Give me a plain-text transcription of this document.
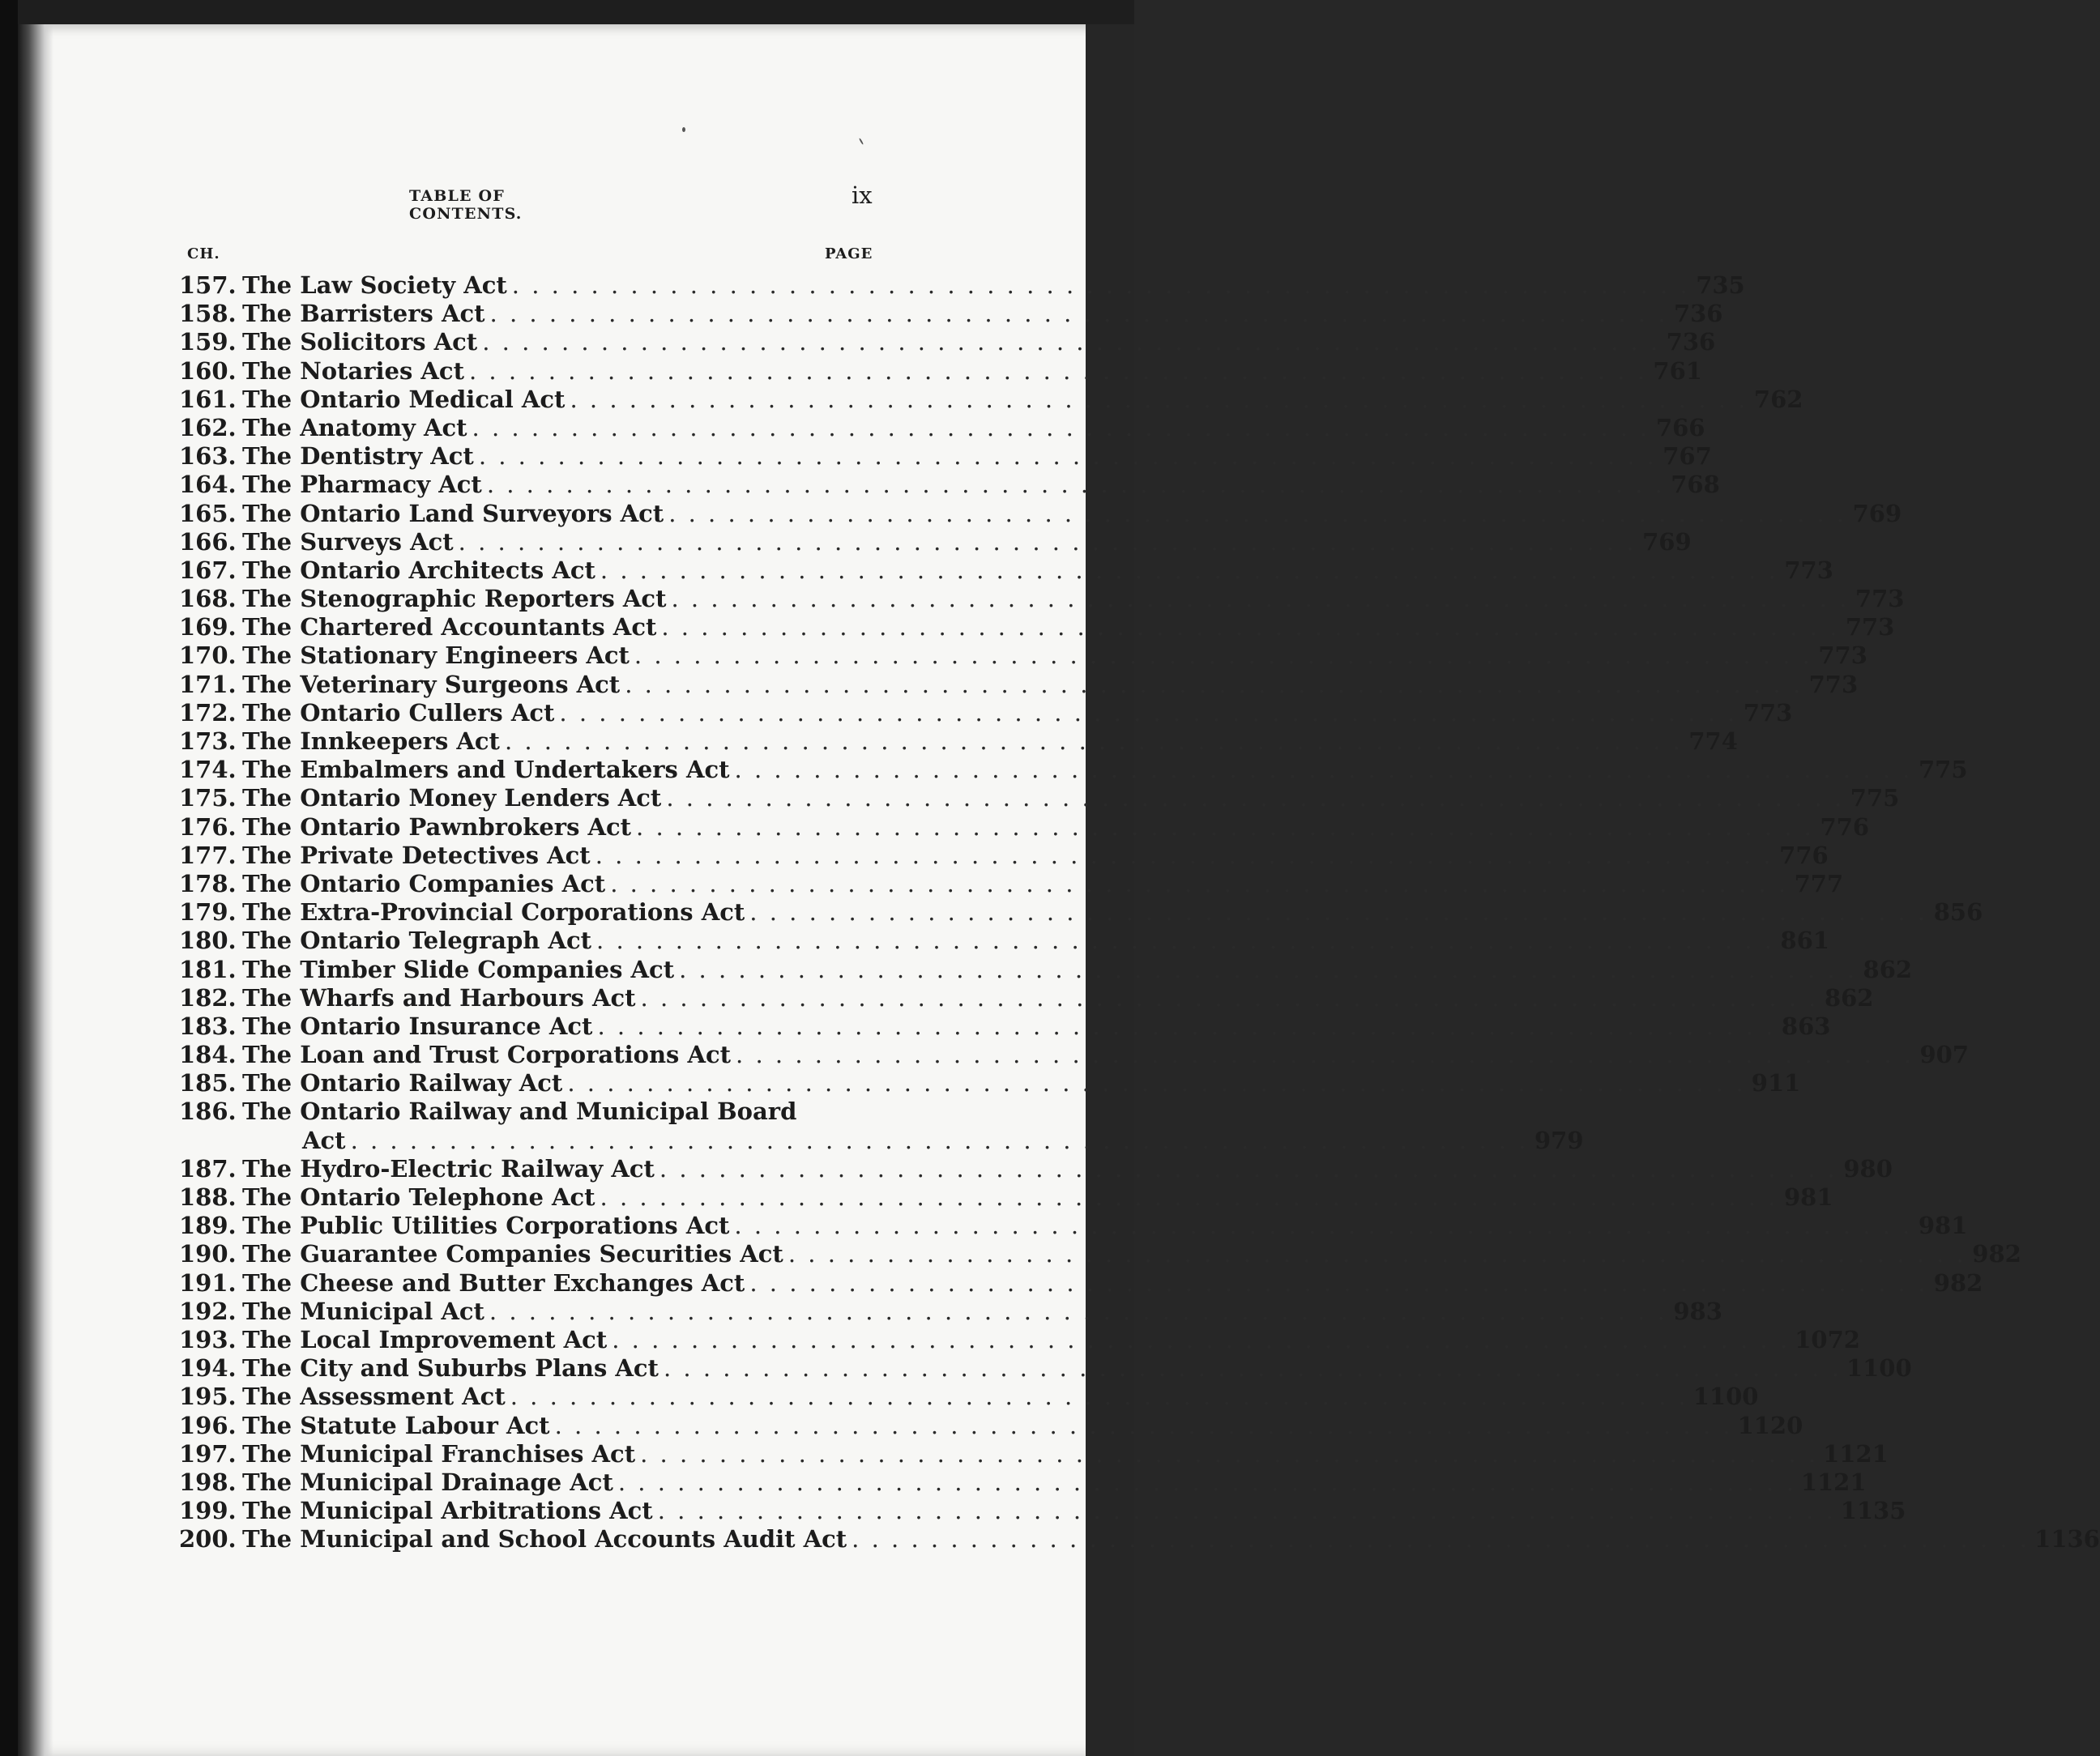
TABLE OF CONTENTS.
ix
CH.	PAGE
157. The Law Society Act . . . . . . . . . . . . . . . . . . . . . . . . . . . . . . . . . . . . . . . . . . . . . . . . . . . . . . . . . . . . 735
158. The Barristers Act . . . . . . . . . . . . . . . . . . . . . . . . . . . . . . . . . . . . . . . . . . . . . . . . . . . . . . . . . . . . 736
159. The Solicitors Act . . . . . . . . . . . . . . . . . . . . . . . . . . . . . . . . . . . . . . . . . . . . . . . . . . . . . . . . . . . . 736
160. The Notaries Act . . . . . . . . . . . . . . . . . . . . . . . . . . . . . . . . . . . . . . . . . . . . . . . . . . . . . . . . . . . . 761
161. The Ontario Medical Act . . . . . . . . . . . . . . . . . . . . . . . . . . . . . . . . . . . . . . . . . . . . . . . . . . . . . . . . . . . . 762
162. The Anatomy Act . . . . . . . . . . . . . . . . . . . . . . . . . . . . . . . . . . . . . . . . . . . . . . . . . . . . . . . . . . . . 766
163. The Dentistry Act . . . . . . . . . . . . . . . . . . . . . . . . . . . . . . . . . . . . . . . . . . . . . . . . . . . . . . . . . . . . 767
164. The Pharmacy Act . . . . . . . . . . . . . . . . . . . . . . . . . . . . . . . . . . . . . . . . . . . . . . . . . . . . . . . . . . . . 768
165. The Ontario Land Surveyors Act . . . . . . . . . . . . . . . . . . . . . . . . . . . . . . . . . . . . . . . . . . . . . . . . . . . . . . . . . . . . 769
166. The Surveys Act . . . . . . . . . . . . . . . . . . . . . . . . . . . . . . . . . . . . . . . . . . . . . . . . . . . . . . . . . . . . 769
167. The Ontario Architects Act . . . . . . . . . . . . . . . . . . . . . . . . . . . . . . . . . . . . . . . . . . . . . . . . . . . . . . . . . . . . 773
168. The Stenographic Reporters Act . . . . . . . . . . . . . . . . . . . . . . . . . . . . . . . . . . . . . . . . . . . . . . . . . . . . . . . . . . . . 773
169. The Chartered Accountants Act . . . . . . . . . . . . . . . . . . . . . . . . . . . . . . . . . . . . . . . . . . . . . . . . . . . . . . . . . . . . 773
170. The Stationary Engineers Act . . . . . . . . . . . . . . . . . . . . . . . . . . . . . . . . . . . . . . . . . . . . . . . . . . . . . . . . . . . . 773
171. The Veterinary Surgeons Act . . . . . . . . . . . . . . . . . . . . . . . . . . . . . . . . . . . . . . . . . . . . . . . . . . . . . . . . . . . . 773
172. The Ontario Cullers Act . . . . . . . . . . . . . . . . . . . . . . . . . . . . . . . . . . . . . . . . . . . . . . . . . . . . . . . . . . . . 773
173. The Innkeepers Act . . . . . . . . . . . . . . . . . . . . . . . . . . . . . . . . . . . . . . . . . . . . . . . . . . . . . . . . . . . . 774
174. The Embalmers and Undertakers Act . . . . . . . . . . . . . . . . . . . . . . . . . . . . . . . . . . . . . . . . . . . . . . . . . . . . . . . . . . . . 775
175. The Ontario Money Lenders Act . . . . . . . . . . . . . . . . . . . . . . . . . . . . . . . . . . . . . . . . . . . . . . . . . . . . . . . . . . . . 775
176. The Ontario Pawnbrokers Act . . . . . . . . . . . . . . . . . . . . . . . . . . . . . . . . . . . . . . . . . . . . . . . . . . . . . . . . . . . . 776
177. The Private Detectives Act . . . . . . . . . . . . . . . . . . . . . . . . . . . . . . . . . . . . . . . . . . . . . . . . . . . . . . . . . . . . 776
178. The Ontario Companies Act . . . . . . . . . . . . . . . . . . . . . . . . . . . . . . . . . . . . . . . . . . . . . . . . . . . . . . . . . . . . 777
179. The Extra-Provincial Corporations Act . . . . . . . . . . . . . . . . . . . . . . . . . . . . . . . . . . . . . . . . . . . . . . . . . . . . . . . . . . . . 856
180. The Ontario Telegraph Act . . . . . . . . . . . . . . . . . . . . . . . . . . . . . . . . . . . . . . . . . . . . . . . . . . . . . . . . . . . . 861
181. The Timber Slide Companies Act . . . . . . . . . . . . . . . . . . . . . . . . . . . . . . . . . . . . . . . . . . . . . . . . . . . . . . . . . . . . 862
182. The Wharfs and Harbours Act . . . . . . . . . . . . . . . . . . . . . . . . . . . . . . . . . . . . . . . . . . . . . . . . . . . . . . . . . . . . 862
183. The Ontario Insurance Act . . . . . . . . . . . . . . . . . . . . . . . . . . . . . . . . . . . . . . . . . . . . . . . . . . . . . . . . . . . . 863
184. The Loan and Trust Corporations Act . . . . . . . . . . . . . . . . . . . . . . . . . . . . . . . . . . . . . . . . . . . . . . . . . . . . . . . . . . . . 907
185. The Ontario Railway Act . . . . . . . . . . . . . . . . . . . . . . . . . . . . . . . . . . . . . . . . . . . . . . . . . . . . . . . . . . . . 911
186. The Ontario Railway and Municipal Board
Act . . . . . . . . . . . . . . . . . . . . . . . . . . . . . . . . . . . . . . . . . . . . . . . . . . . . . . . . . . . . 979
187. The Hydro-Electric Railway Act . . . . . . . . . . . . . . . . . . . . . . . . . . . . . . . . . . . . . . . . . . . . . . . . . . . . . . . . . . . . 980
188. The Ontario Telephone Act . . . . . . . . . . . . . . . . . . . . . . . . . . . . . . . . . . . . . . . . . . . . . . . . . . . . . . . . . . . . 981
189. The Public Utilities Corporations Act . . . . . . . . . . . . . . . . . . . . . . . . . . . . . . . . . . . . . . . . . . . . . . . . . . . . . . . . . . . . 981
190. The Guarantee Companies Securities Act . . . . . . . . . . . . . . . . . . . . . . . . . . . . . . . . . . . . . . . . . . . . . . . . . . . . . . . . . . . . 982
191. The Cheese and Butter Exchanges Act . . . . . . . . . . . . . . . . . . . . . . . . . . . . . . . . . . . . . . . . . . . . . . . . . . . . . . . . . . . . 982
192. The Municipal Act . . . . . . . . . . . . . . . . . . . . . . . . . . . . . . . . . . . . . . . . . . . . . . . . . . . . . . . . . . . . 983
193. The Local Improvement Act . . . . . . . . . . . . . . . . . . . . . . . . . . . . . . . . . . . . . . . . . . . . . . . . . . . . . . . . . . . . 1072
194. The City and Suburbs Plans Act . . . . . . . . . . . . . . . . . . . . . . . . . . . . . . . . . . . . . . . . . . . . . . . . . . . . . . . . . . . . 1100
195. The Assessment Act . . . . . . . . . . . . . . . . . . . . . . . . . . . . . . . . . . . . . . . . . . . . . . . . . . . . . . . . . . . . 1100
196. The Statute Labour Act . . . . . . . . . . . . . . . . . . . . . . . . . . . . . . . . . . . . . . . . . . . . . . . . . . . . . . . . . . . . 1120
197. The Municipal Franchises Act . . . . . . . . . . . . . . . . . . . . . . . . . . . . . . . . . . . . . . . . . . . . . . . . . . . . . . . . . . . . 1121
198. The Municipal Drainage Act . . . . . . . . . . . . . . . . . . . . . . . . . . . . . . . . . . . . . . . . . . . . . . . . . . . . . . . . . . . . 1121
199. The Municipal Arbitrations Act . . . . . . . . . . . . . . . . . . . . . . . . . . . . . . . . . . . . . . . . . . . . . . . . . . . . . . . . . . . . 1135
200. The Municipal and School Accounts Audit Act . . . . . . . . . . . . . . . . . . . . . . . . . . . . . . . . . . . . . . . . . . . . . . . . . . . . . . . . . . . . 1136
